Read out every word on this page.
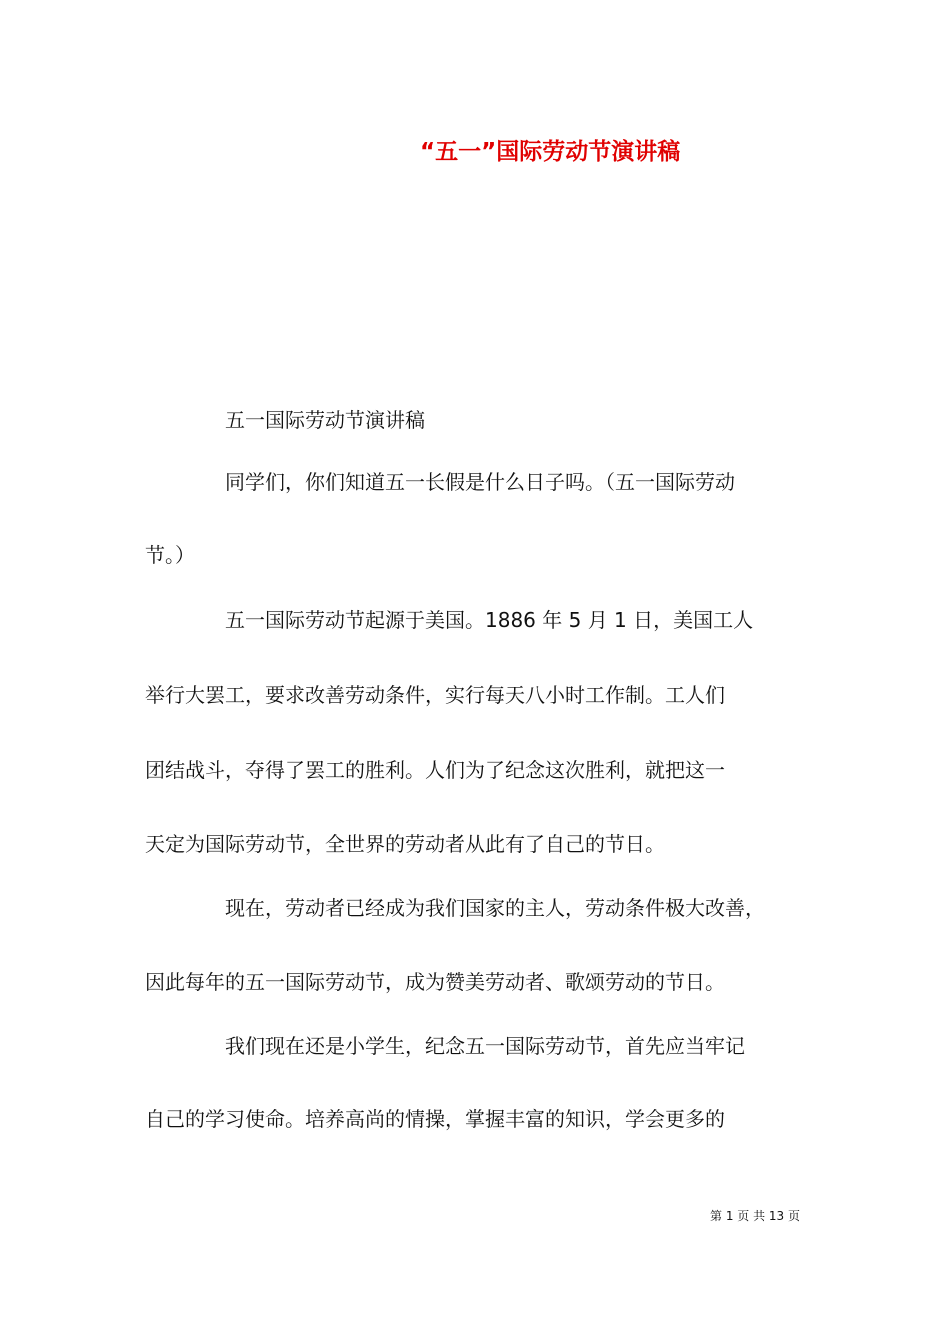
“五一”国际劳动节演讲稿
五一国际劳动节演讲稿
同学们，你们知道五一长假是什么日子吗。（五一国际劳动
节。）
五一国际劳动节起源于美国。1886 年 5 月 1 日，美国工人
举行大罢工，要求改善劳动条件，实行每天八小时工作制。工人们
团结战斗，夺得了罢工的胜利。人们为了纪念这次胜利，就把这一
天定为国际劳动节，全世界的劳动者从此有了自己的节日。
现在，劳动者已经成为我们国家的主人，劳动条件极大改善，
因此每年的五一国际劳动节，成为赞美劳动者、歌颂劳动的节日。
我们现在还是小学生，纪念五一国际劳动节，首先应当牢记
自己的学习使命。培养高尚的情操，掌握丰富的知识，学会更多的
第 1 页 共 13 页
